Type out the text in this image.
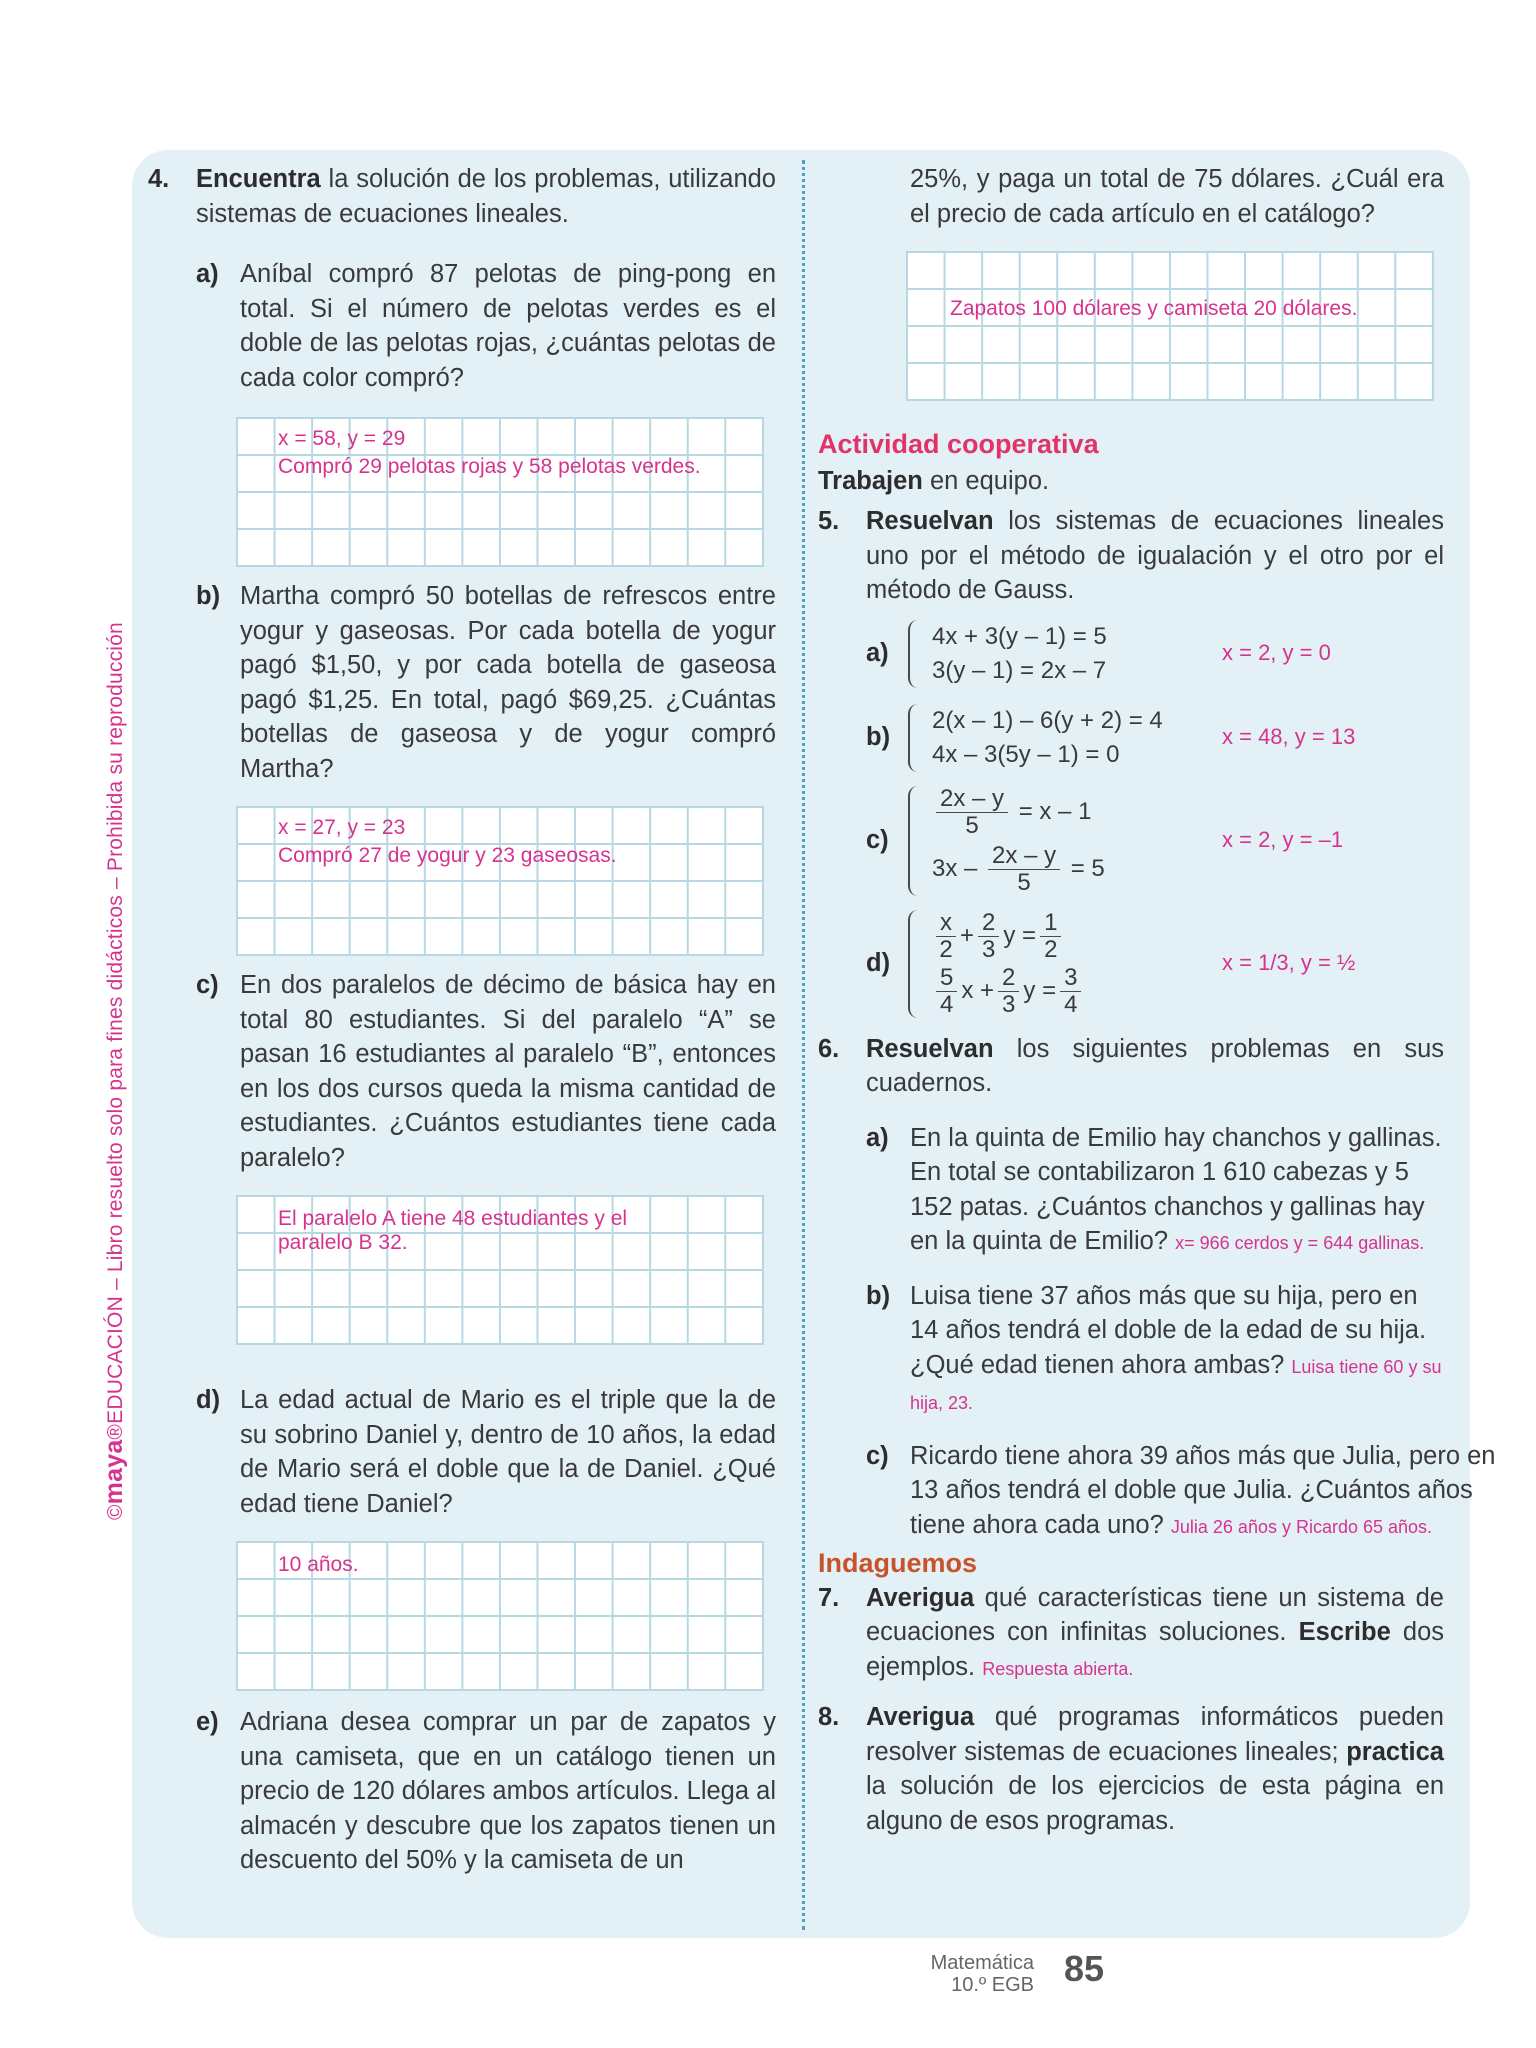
©maya®EDUCACIÓN – Libro resuelto solo para fines didácticos – Prohibida su reproducción
4.	Encuentra la solución de los problemas, utilizando sistemas de ecuaciones lineales.
a) Aníbal compró 87 pelotas de ping-pong en total. Si el número de pelotas verdes es el doble de las pelotas rojas, ¿cuántas pelotas de cada color compró?
x = 58, y = 29
Compró 29 pelotas rojas y 58 pelotas verdes.
b) Martha compró 50 botellas de refrescos entre yogur y gaseosas. Por cada botella de yogur pagó $1,50, y por cada botella de gaseosa pagó $1,25. En total, pagó $69,25. ¿Cuántas botellas de gaseosa y de yogur compró Martha?
x = 27, y = 23
Compró 27 de yogur y 23 gaseosas.
c) En dos paralelos de décimo de básica hay en total 80 estudiantes. Si del paralelo “A” se pasan 16 estudiantes al paralelo “B”, entonces en los dos cursos queda la misma cantidad de estudiantes. ¿Cuántos estudiantes tiene cada paralelo?
El paralelo A tiene 48 estudiantes y el
paralelo B 32.
d) La edad actual de Mario es el triple que la de su sobrino Daniel y, dentro de 10 años, la edad de Mario será el doble que la de Daniel. ¿Qué edad tiene Daniel?
10 años.
e) Adriana desea comprar un par de zapatos y una camiseta, que en un catálogo tienen un precio de 120 dólares ambos artículos. Llega al almacén y descubre que los zapatos tienen un descuento del 50% y la camiseta de un
25%, y paga un total de 75 dólares. ¿Cuál era el precio de cada artículo en el catálogo?
Zapatos 100 dólares y camiseta 20 dólares.
Actividad cooperativa
Trabajen en equipo.
5.	Resuelvan los sistemas de ecuaciones lineales uno por el método de igualación y el otro por el método de Gauss.
a)
4x + 3(y – 1) = 5
3(y – 1) = 2x – 7
x = 2, y = 0
b)
2(x – 1) – 6(y + 2) = 4
4x – 3(5y – 1) = 0
x = 48, y = 13
c)
$\frac{2x - y}{5} = x - 1$
$3x - \frac{2x - y}{5} = 5$
x = 2, y = –1
d)
$\frac{x}{2} + \frac{2}{3}$ $y = \frac{1}{2}$
$\frac{5}{4}$ $x + \frac{2}{3}$ $y = \frac{3}{4}$
x = 1/3, y = ½
6.	Resuelvan los siguientes problemas en sus cuadernos.
a) En la quinta de Emilio hay chanchos y gallinas. En total se contabilizaron 1 610 cabezas y 5 152 patas. ¿Cuántos chanchos y gallinas hay en la quinta de Emilio? x= 966 cerdos y = 644 gallinas.
b) Luisa tiene 37 años más que su hija, pero en 14 años tendrá el doble de la edad de su hija. ¿Qué edad tienen ahora ambas? Luisa tiene 60 y su hija, 23.
c) Ricardo tiene ahora 39 años más que Julia, pero en 13 años tendrá el doble que Julia. ¿Cuántos años tiene ahora cada uno? Julia 26 años y Ricardo 65 años.
Indaguemos
7.	Averigua qué características tiene un sistema de ecuaciones con infinitas soluciones. Escribe dos ejemplos. Respuesta abierta.
8.	Averigua qué programas informáticos pueden resolver sistemas de ecuaciones lineales; practica la solución de los ejercicios de esta página en alguno de esos programas.
Matemática
10.º EGB 85
